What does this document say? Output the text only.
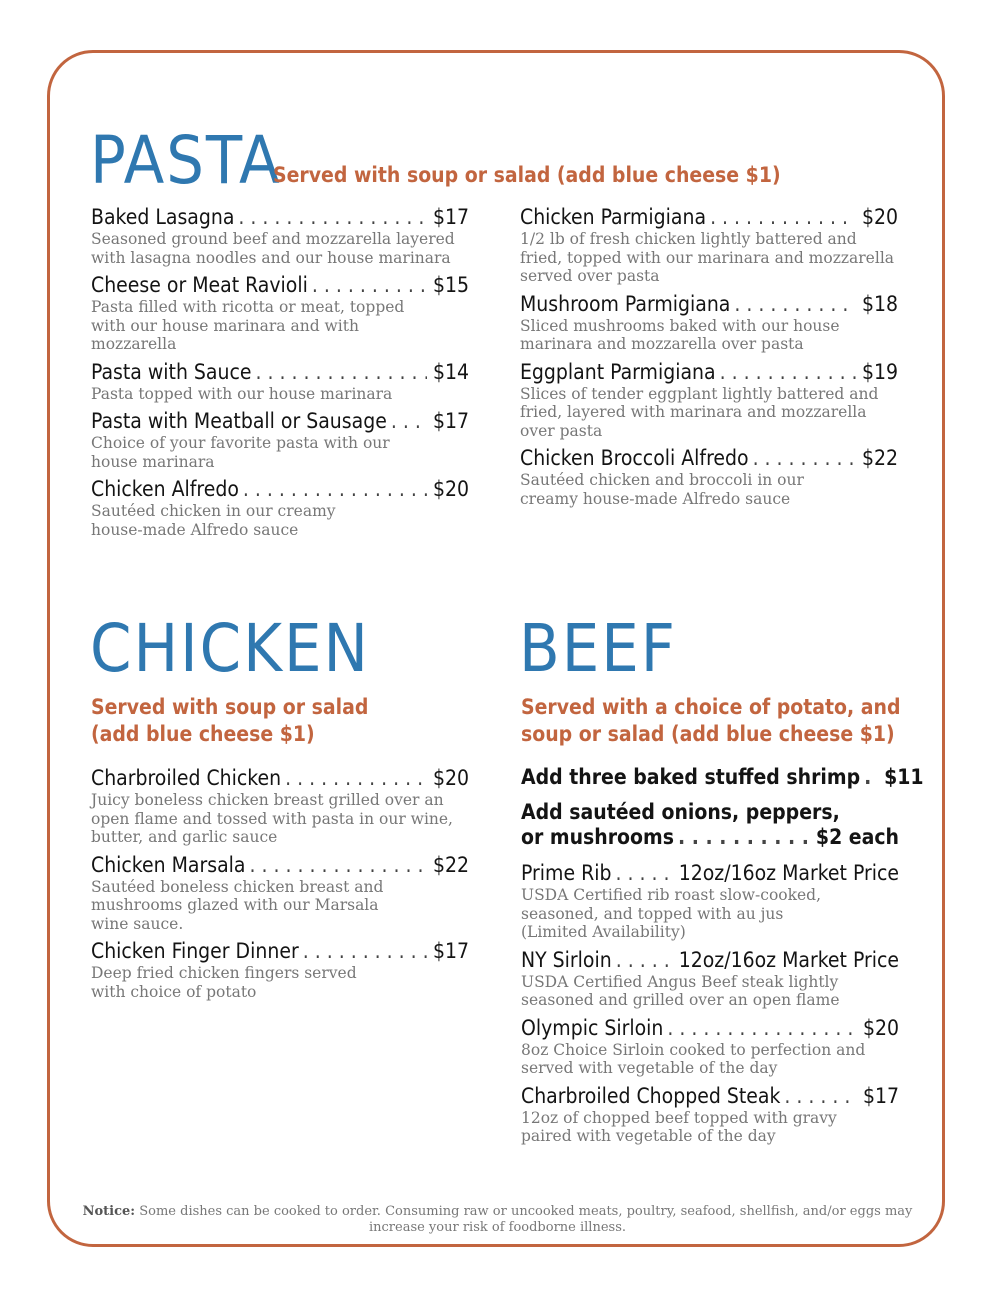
PASTA
Served with soup or salad (add blue cheese $1)
Baked Lasagna . . .	$17
Seasoned ground beef and mozzarella layered with lasagna noodles and our house marinara
Cheese or Meat Ravioli . . .	$15
Pasta filled with ricotta or meat, topped with our house marinara and with mozzarella
Pasta with Sauce . . .	$14
Pasta topped with our house marinara
Pasta with Meatball or Sausage . . . $17
Choice of your favorite pasta with our house marinara
Chicken Alfredo . . .	$20
Sautéed chicken in our creamy house-made Alfredo sauce
Chicken Parmigiana . . .	$20
1/2 lb of fresh chicken lightly battered and fried, topped with our marinara and mozzarella served over pasta
Mushroom Parmigiana . . .	$18
Sliced mushrooms baked with our house marinara and mozzarella over pasta
Eggplant Parmigiana . . .	$19
Slices of tender eggplant lightly battered and fried, layered with marinara and mozzarella over pasta
Chicken Broccoli Alfredo . . .	$22
Sautéed chicken and broccoli in our creamy house-made Alfredo sauce
CHICKEN
Served with soup or salad
(add blue cheese $1)
Charbroiled Chicken . . .	$20
Juicy boneless chicken breast grilled over an open flame and tossed with pasta in our wine, butter, and garlic sauce
Chicken Marsala . . .	$22
Sautéed boneless chicken breast and mushrooms glazed with our Marsala wine sauce.
Chicken Finger Dinner . . .	$17
Deep fried chicken fingers served with choice of potato
BEEF
Served with a choice of potato, and
soup or salad (add blue cheese $1)
Add three baked stuffed shrimp . . . $11
Add sautéed onions, peppers,
or mushrooms . . .	$2 each
Prime Rib . . .	12oz/16oz Market Price
USDA Certified rib roast slow-cooked, seasoned, and topped with au jus (Limited Availability)
NY Sirloin . . .	12oz/16oz Market Price
USDA Certified Angus Beef steak lightly seasoned and grilled over an open flame
Olympic Sirloin . . .	$20
8oz Choice Sirloin cooked to perfection and served with vegetable of the day
Charbroiled Chopped Steak . . .	$17
12oz of chopped beef topped with gravy paired with vegetable of the day
Notice: Some dishes can be cooked to order. Consuming raw or uncooked meats, poultry, seafood, shellfish, and/or eggs may increase your risk of foodborne illness.
